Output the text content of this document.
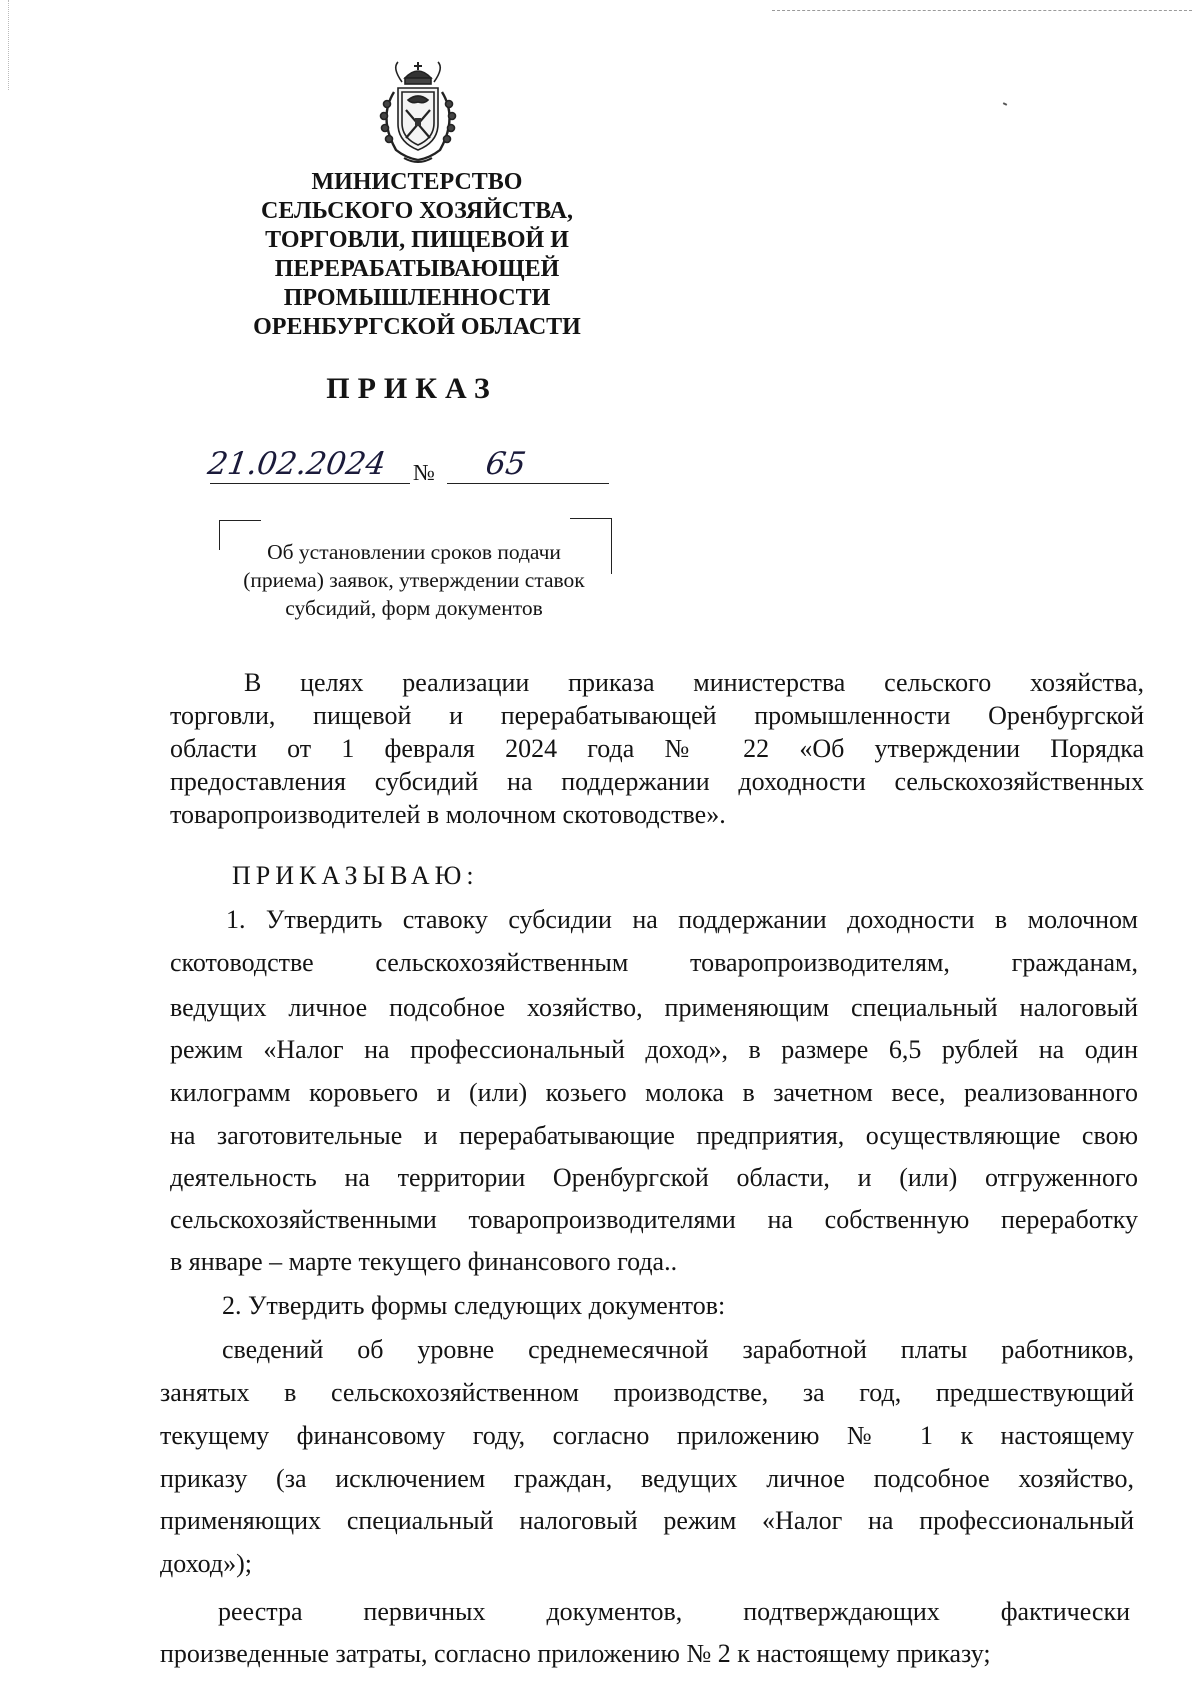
МИНИСТЕРСТВО
СЕЛЬСКОГО ХОЗЯЙСТВА,
ТОРГОВЛИ, ПИЩЕВОЙ И
ПЕРЕРАБАТЫВАЮЩЕЙ
ПРОМЫШЛЕННОСТИ
ОРЕНБУРГСКОЙ ОБЛАСТИ
ПРИКАЗ
21.02.2024 № 65
Об установлении сроков подачи
(приема) заявок, утверждении ставок
субсидий, форм документов
В целях реализации приказа министерства сельского хозяйства,
торговли, пищевой и перерабатывающей промышленности Оренбургской
области от 1 февраля 2024 года № 22 «Об утверждении Порядка
предоставления субсидий на поддержании доходности сельскохозяйственных
товаропроизводителей в молочном скотоводстве».
ПРИКАЗЫВАЮ:
1. Утвердить ставоку субсидии на поддержании доходности в молочном
скотоводстве сельскохозяйственным товаропроизводителям, гражданам,
ведущих личное подсобное хозяйство, применяющим специальный налоговый
режим «Налог на профессиональный доход», в размере 6,5 рублей на один
килограмм коровьего и (или) козьего молока в зачетном весе, реализованного
на заготовительные и перерабатывающие предприятия, осуществляющие свою
деятельность на территории Оренбургской области, и (или) отгруженного
сельскохозяйственными товаропроизводителями на собственную переработку
в январе – марте текущего финансового года..
2. Утвердить формы следующих документов:
сведений об уровне среднемесячной заработной платы работников,
занятых в сельскохозяйственном производстве, за год, предшествующий
текущему финансовому году, согласно приложению № 1 к настоящему
приказу (за исключением граждан, ведущих личное подсобное хозяйство,
применяющих специальный налоговый режим «Налог на профессиональный
доход»);
реестра первичных документов, подтверждающих фактически
произведенные затраты, согласно приложению № 2 к настоящему приказу;
